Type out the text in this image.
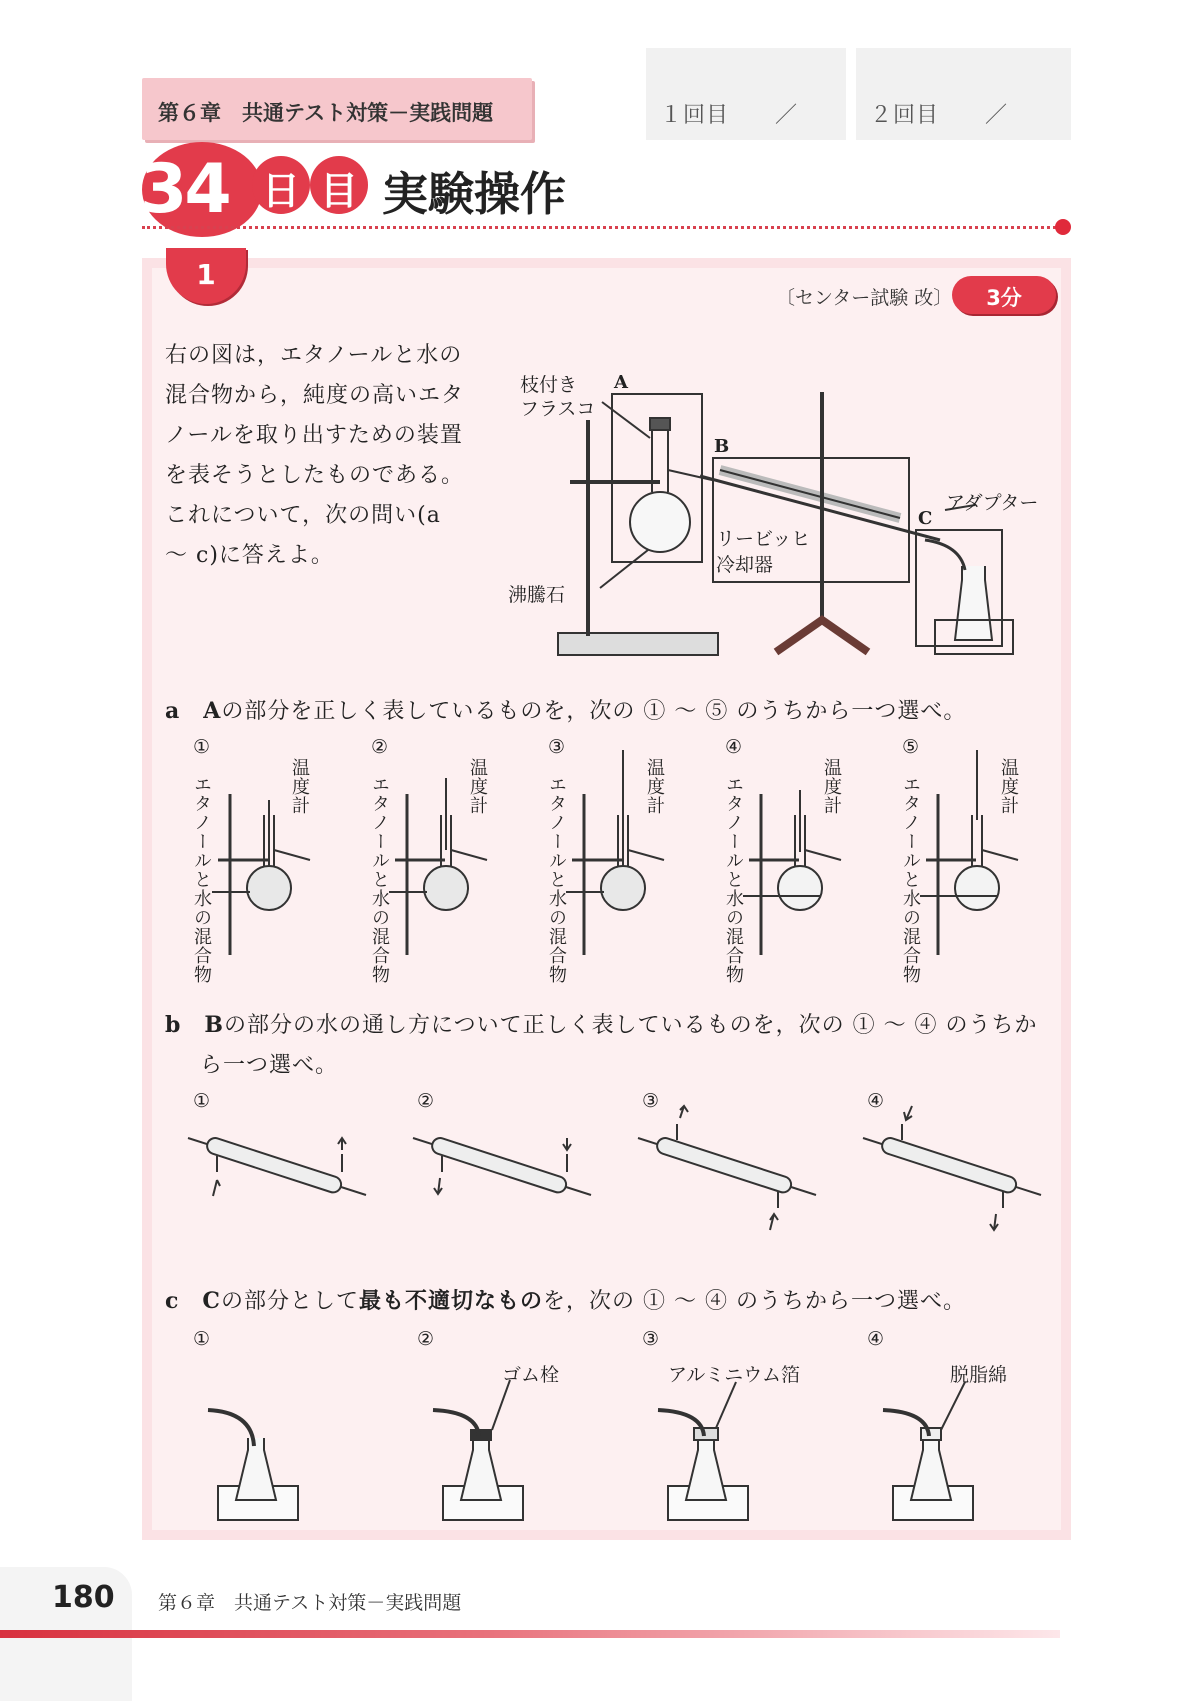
第６章　共通テスト対策－実践問題	１回目　　／	２回目　　／
34 日 目 実験操作
1
〔センター試験 改〕	3分
右の図は，エタノールと水の混合物から，純度の高いエタノールを取り出すための装置を表そうとしたものである。これについて，次の問い(a ～ c)に答えよ。
枝付き
フラスコ
A
B
C
アダプター
リービッヒ
冷却器
沸騰石
a　 Aの部分を正しく表しているものを，次の ① ～ ⑤ のうちから一つ選べ。
①	②	③	④	⑤
エタノールと水の混合物	エタノールと水の混合物	エタノールと水の混合物	エタノールと水の混合物	エタノールと水の混合物
温度計	温度計	温度計	温度計	温度計
b　 Bの部分の水の通し方について正しく表しているものを，次の ① ～ ④ のうちか
ら一つ選べ。
①	②	③	④
c　 Cの部分として最も不適切なものを，次の ① ～ ④ のうちから一つ選べ。
①	②	③	④
ゴム栓	アルミニウム箔	脱脂綿
180 第６章　共通テスト対策－実践問題
